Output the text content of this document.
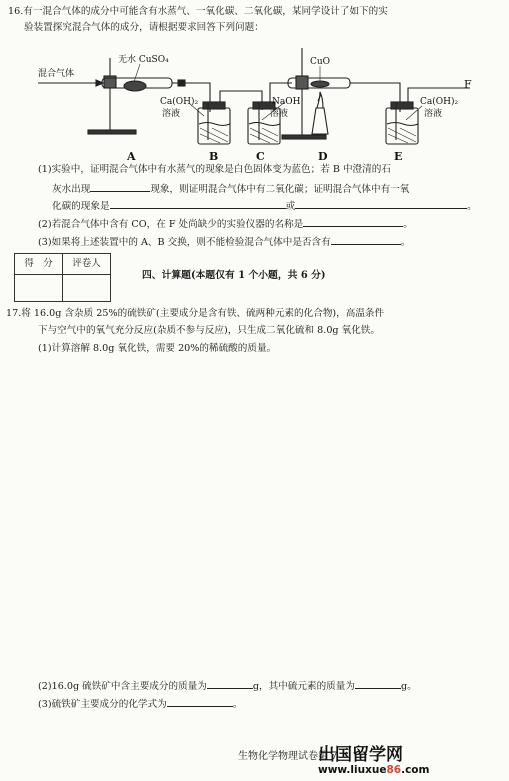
16.有一混合气体的成分中可能含有水蒸气、一氧化碳、二氧化碳，某同学设计了如下的实
验装置探究混合气体的成分，请根据要求回答下列问题：
混合气体
无水 CuSO₄
Ca(OH)₂
溶液
NaOH
溶液
CuO
Ca(OH)₂
溶液
F
A	B	C	D	E
(1)实验中，证明混合气体中有水蒸气的现象是白色固体变为蓝色；若 B 中澄清的石
灰水出现	现象，则证明混合气体中有二氧化碳；证明混合气体中有一氧
化碳的现象是	或	。
(2)若混合气体中含有 CO，在 F 处尚缺少的实验仪器的名称是	。
(3)如果将上述装置中的 A、B 交换，则不能检验混合气体中是否含有	。
得　分	评卷人

四、计算题(本题仅有 1 个小题，共 6 分)
17.将 16.0g 含杂质 25%的硫铁矿(主要成分是含有铁、硫两种元素的化合物)，高温条件
下与空气中的氧气充分反应(杂质不参与反应)，只生成二氧化硫和 8.0g 氧化铁。
(1)计算溶解 8.0g 氧化铁，需要 20%的稀硫酸的质量。
(2)16.0g 硫铁矿中含主要成分的质量为	g，其中硫元素的质量为	g。
(3)硫铁矿主要成分的化学式为	。
生物化学物理试卷第 7
出国留学网
www.liuxue86.com
